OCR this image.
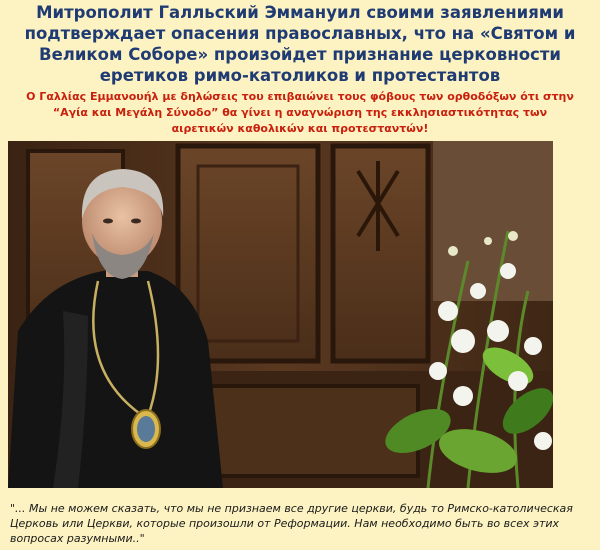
Митрополит Галльский Эммануил своими заявлениями подтверждает опасения православных, что на «Святом и Великом Соборе» произойдет признание церковности еретиков римо-католиков и протестантов

Ο Γαλλίας Εμμανουήλ με δηλώσεις του επιβαιώνει τους φόβους των ορθοδόξων ότι στην “Αγία και Μεγάλη Σύνοδο” θα γίνει η αναγνώριση της εκκλησιαστικότητας των αιρετικών καθολικών και προτεσταντών!

"... Мы не можем сказать, что мы не признаем все другие церкви, будь то Римско-католическая Церковь или Церкви, которые произошли от Реформации. Нам необходимо быть во всех этих вопросах разумными.."
